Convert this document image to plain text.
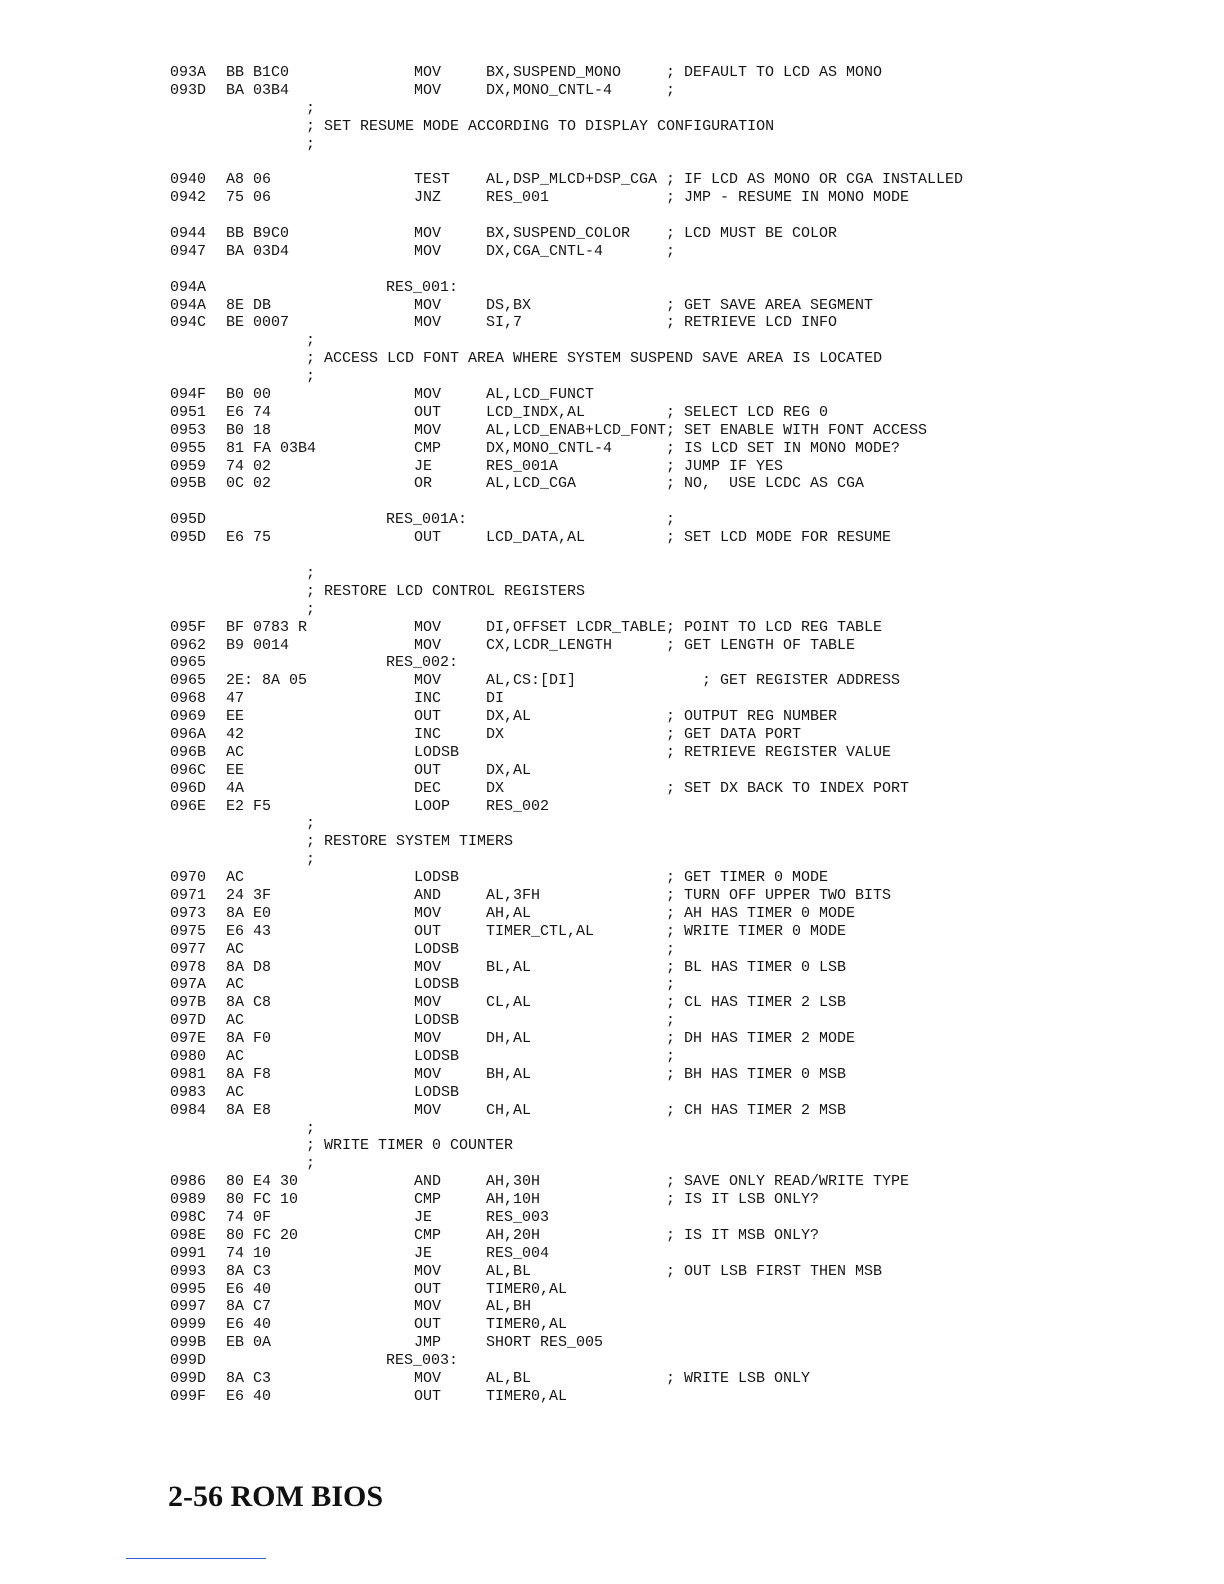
093A BB B1C0	MOV	BX,SUSPEND_MONO	; DEFAULT TO LCD AS MONO
093D BA 03B4	MOV	DX,MONO_CNTL-4	;
;
; SET RESUME MODE ACCORDING TO DISPLAY CONFIGURATION
;
0940 A8 06	TEST AL,DSP_MLCD+DSP_CGA ; IF LCD AS MONO OR CGA INSTALLED
0942 75 06	JNZ	RES_001	; JMP - RESUME IN MONO MODE
0944 BB B9C0	MOV	BX,SUSPEND_COLOR ; LCD MUST BE COLOR
0947 BA 03D4	MOV	DX,CGA_CNTL-4	;
094A	RES_001:
094A 8E DB	MOV	DS,BX	; GET SAVE AREA SEGMENT
094C BE 0007	MOV	SI,7	; RETRIEVE LCD INFO
;
; ACCESS LCD FONT AREA WHERE SYSTEM SUSPEND SAVE AREA IS LOCATED
;
094F B0 00	MOV	AL,LCD_FUNCT
0951 E6 74	OUT	LCD_INDX,AL	; SELECT LCD REG 0
0953 B0 18	MOV	AL,LCD_ENAB+LCD_FONT ; SET ENABLE WITH FONT ACCESS
0955 81 FA 03B4	CMP	DX,MONO_CNTL-4	; IS LCD SET IN MONO MODE?
0959 74 02	JE	RES_001A	; JUMP IF YES
095B 0C 02	OR	AL,LCD_CGA	; NO,  USE LCDC AS CGA
095D	RES_001A:	;
095D E6 75	OUT	LCD_DATA,AL	; SET LCD MODE FOR RESUME
;
; RESTORE LCD CONTROL REGISTERS
;
095F BF 0783 R	MOV	DI,OFFSET LCDR_TABLE ; POINT TO LCD REG TABLE
0962 B9 0014	MOV	CX,LCDR_LENGTH	; GET LENGTH OF TABLE
0965	RES_002:
0965 2E: 8A 05	MOV	AL,CS:[DI]	; GET REGISTER ADDRESS
0968 47	INC	DI
0969 EE	OUT	DX,AL	; OUTPUT REG NUMBER
096A 42	INC	DX	; GET DATA PORT
096B AC	LODSB	; RETRIEVE REGISTER VALUE
096C EE	OUT	DX,AL
096D 4A	DEC	DX	; SET DX BACK TO INDEX PORT
096E E2 F5	LOOP RES_002
;
; RESTORE SYSTEM TIMERS
;
0970 AC	LODSB	; GET TIMER 0 MODE
0971 24 3F	AND	AL,3FH	; TURN OFF UPPER TWO BITS
0973 8A E0	MOV	AH,AL	; AH HAS TIMER 0 MODE
0975 E6 43	OUT	TIMER_CTL,AL	; WRITE TIMER 0 MODE
0977 AC	LODSB	;
0978 8A D8	MOV	BL,AL	; BL HAS TIMER 0 LSB
097A AC	LODSB	;
097B 8A C8	MOV	CL,AL	; CL HAS TIMER 2 LSB
097D AC	LODSB	;
097E 8A F0	MOV	DH,AL	; DH HAS TIMER 2 MODE
0980 AC	LODSB	;
0981 8A F8	MOV	BH,AL	; BH HAS TIMER 0 MSB
0983 AC	LODSB
0984 8A E8	MOV	CH,AL	; CH HAS TIMER 2 MSB
;
; WRITE TIMER 0 COUNTER
;
0986 80 E4 30	AND	AH,30H	; SAVE ONLY READ/WRITE TYPE
0989 80 FC 10	CMP	AH,10H	; IS IT LSB ONLY?
098C 74 0F	JE	RES_003
098E 80 FC 20	CMP	AH,20H	; IS IT MSB ONLY?
0991 74 10	JE	RES_004
0993 8A C3	MOV	AL,BL	; OUT LSB FIRST THEN MSB
0995 E6 40	OUT	TIMER0,AL
0997 8A C7	MOV	AL,BH
0999 E6 40	OUT	TIMER0,AL
099B EB 0A	JMP	SHORT RES_005
099D	RES_003:
099D 8A C3	MOV	AL,BL	; WRITE LSB ONLY
099F E6 40	OUT	TIMER0,AL
2-56 ROM BIOS
